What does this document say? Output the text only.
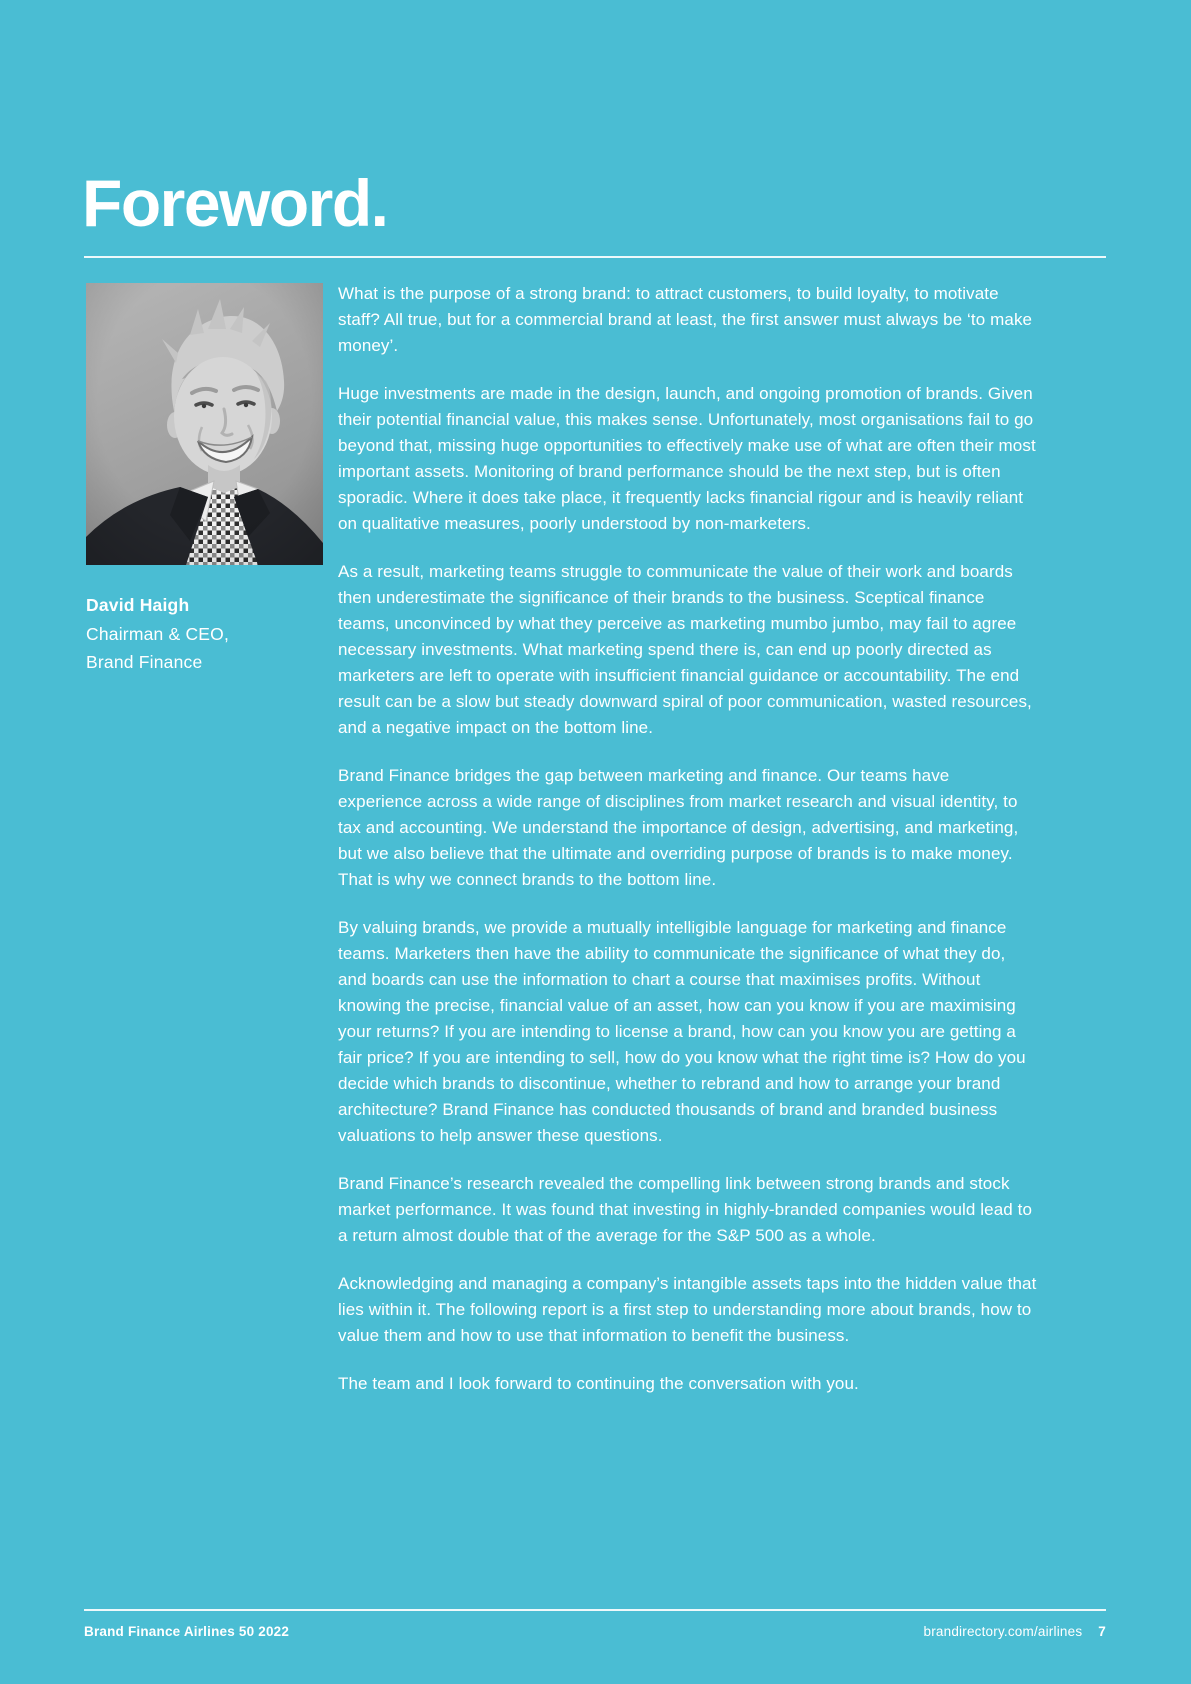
Foreword.
David Haigh
Chairman & CEO,
Brand Finance

What is the purpose of a strong brand: to attract customers, to build loyalty, to motivate staff? All true, but for a commercial brand at least, the first answer must always be ‘to make money’.

Huge investments are made in the design, launch, and ongoing promotion of brands. Given their potential financial value, this makes sense. Unfortunately, most organisations fail to go beyond that, missing huge opportunities to effectively make use of what are often their most important assets. Monitoring of brand performance should be the next step, but is often sporadic. Where it does take place, it frequently lacks financial rigour and is heavily reliant on qualitative measures, poorly understood by non-marketers.

As a result, marketing teams struggle to communicate the value of their work and boards then underestimate the significance of their brands to the business. Sceptical finance teams, unconvinced by what they perceive as marketing mumbo jumbo, may fail to agree necessary investments. What marketing spend there is, can end up poorly directed as marketers are left to operate with insufficient financial guidance or accountability. The end result can be a slow but steady downward spiral of poor communication, wasted resources, and a negative impact on the bottom line.

Brand Finance bridges the gap between marketing and finance. Our teams have experience across a wide range of disciplines from market research and visual identity, to tax and accounting. We understand the importance of design, advertising, and marketing, but we also believe that the ultimate and overriding purpose of brands is to make money. That is why we connect brands to the bottom line.

By valuing brands, we provide a mutually intelligible language for marketing and finance teams. Marketers then have the ability to communicate the significance of what they do, and boards can use the information to chart a course that maximises profits. Without knowing the precise, financial value of an asset, how can you know if you are maximising your returns? If you are intending to license a brand, how can you know you are getting a fair price? If you are intending to sell, how do you know what the right time is? How do you decide which brands to discontinue, whether to rebrand and how to arrange your brand architecture? Brand Finance has conducted thousands of brand and branded business valuations to help answer these questions.

Brand Finance’s research revealed the compelling link between strong brands and stock market performance. It was found that investing in highly-branded companies would lead to a return almost double that of the average for the S&P 500 as a whole.

Acknowledging and managing a company’s intangible assets taps into the hidden value that lies within it. The following report is a first step to understanding more about brands, how to value them and how to use that information to benefit the business.

The team and I look forward to continuing the conversation with you.

Brand Finance Airlines 50 2022	brandirectory.com/airlines 7
